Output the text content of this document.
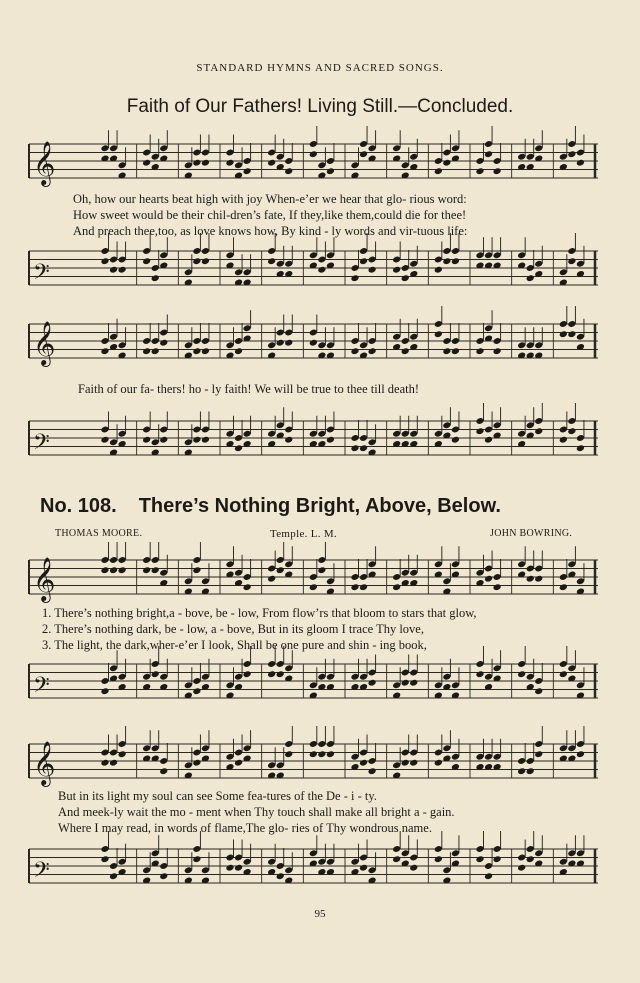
STANDARD HYMNS AND SACRED SONGS.
Faith of Our Fathers! Living Still.—Concluded.
𝄞
Oh, how our hearts beat high with joy When-e’er we hear that glo- rious word:
How sweet would be their chil-dren’s fate, If they,like them,could die for thee!
And preach thee,too, as love knows how, By kind - ly words and vir-tuous life:
𝄢
𝄞
Faith of our fa- thers! ho - ly faith! We will be true to thee till death!
𝄢
No. 108. There’s Nothing Bright, Above, Below.
THOMAS MOORE.	Temple. L. M.	JOHN BOWRING.
𝄞
1. There’s nothing bright,a - bove, be - low, From flow’rs that bloom to stars that glow,
2. There’s nothing dark, be - low, a - bove, But in its gloom I trace Thy love,
3. The light, the dark,wher-e’er I look, Shall be one pure and shin - ing book,
𝄢
𝄞
But in its light my soul can see Some fea-tures of the De - i - ty.
And meek-ly wait the mo - ment when Thy touch shall make all bright a - gain.
Where I may read, in words of flame,The glo- ries of Thy wondrous name.
𝄢
95
